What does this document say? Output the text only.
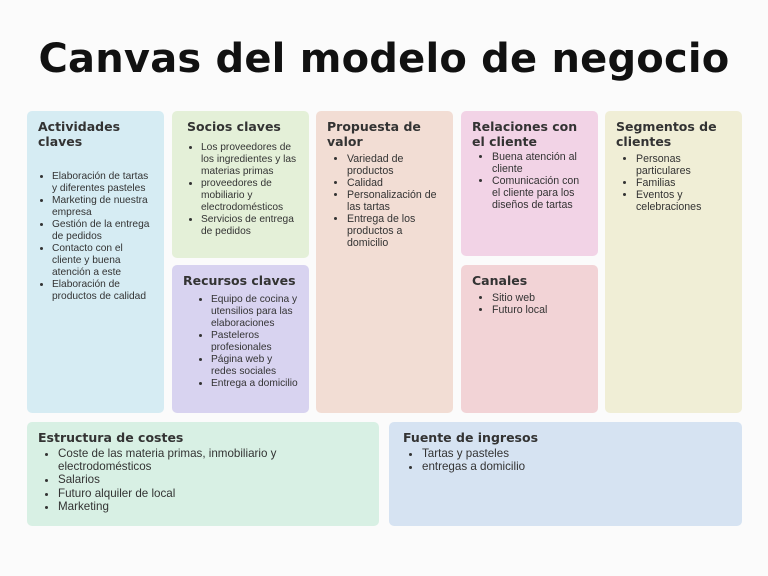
Canvas del modelo de negocio
Actividades claves
• Elaboración de tartas y diferentes pasteles
• Marketing de nuestra empresa
• Gestión de la entrega de pedidos
• Contacto con el cliente y buena atención a este
• Elaboración de productos de calidad
Socios claves
• Los proveedores de los ingredientes y las materias primas
• proveedores de mobiliario y electrodomésticos
• Servicios de entrega de pedidos
Recursos claves
• Equipo de cocina y utensilios para las elaboraciones
• Pasteleros profesionales
• Página web y redes sociales
• Entrega a domicilio
Propuesta de valor
• Variedad de productos
• Calidad
• Personalización de las tartas
• Entrega de los productos a domicilio
Relaciones con el cliente
• Buena atención al cliente
• Comunicación con el cliente para los diseños de tartas
Canales
• Sitio web
• Futuro local
Segmentos de clientes
• Personas particulares
• Familias
• Eventos y celebraciones
Estructura de costes
• Coste de las materia primas, inmobiliario y electrodomésticos
• Salarios
• Futuro alquiler de local
• Marketing
Fuente de ingresos
• Tartas y pasteles
• entregas a domicilio
